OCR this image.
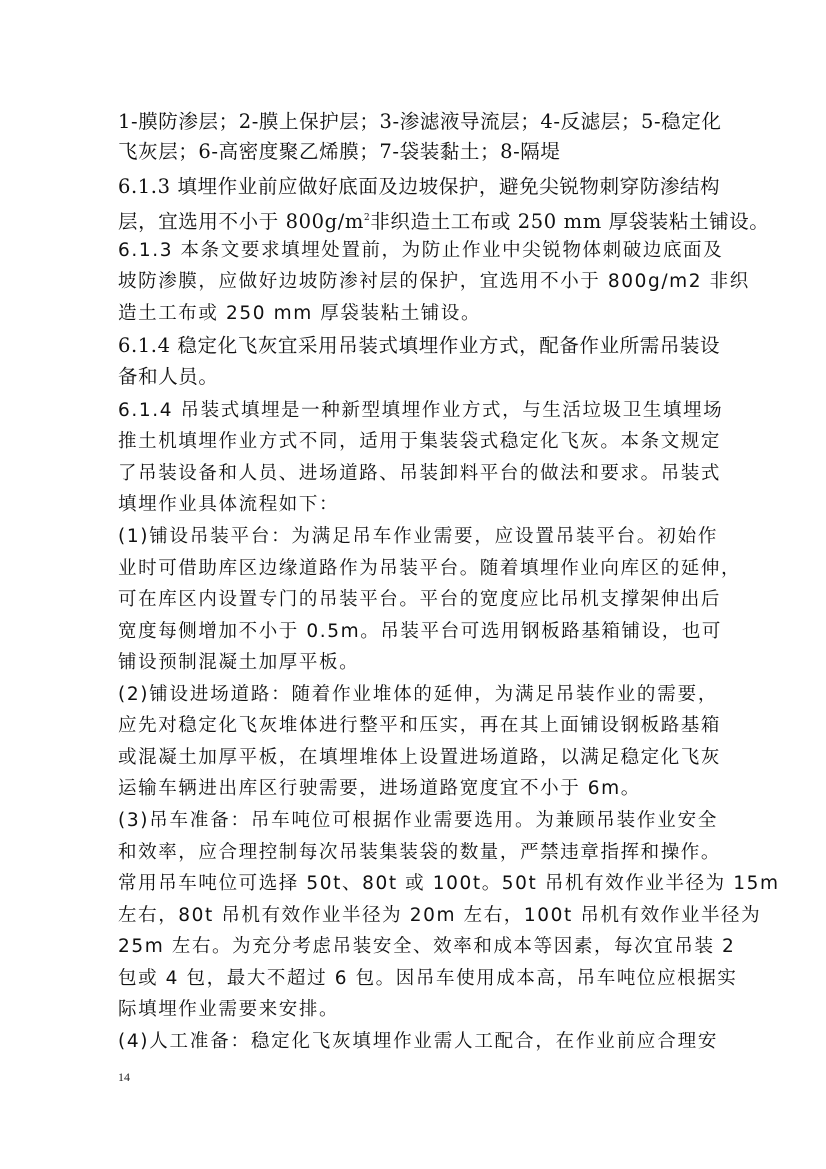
1-膜防渗层；2-膜上保护层；3-渗滤液导流层；4-反滤层；5-稳定化
飞灰层；6-高密度聚乙烯膜；7-袋装黏土；8-隔堤
6.1.3 填埋作业前应做好底面及边坡保护，避免尖锐物刺穿防渗结构
层，宜选用不小于 $800g/m^2$非织造土工布或 250 mm 厚袋装粘土铺设。
6.1.3 本条文要求填埋处置前，为防止作业中尖锐物体刺破边底面及
坡防渗膜，应做好边坡防渗衬层的保护，宜选用不小于 800g/m2 非织
造土工布或 250 mm 厚袋装粘土铺设。
6.1.4 稳定化飞灰宜采用吊装式填埋作业方式，配备作业所需吊装设
备和人员。
6.1.4 吊装式填埋是一种新型填埋作业方式，与生活垃圾卫生填埋场
推土机填埋作业方式不同，适用于集装袋式稳定化飞灰。本条文规定
了吊装设备和人员、进场道路、吊装卸料平台的做法和要求。吊装式
填埋作业具体流程如下：
(1)铺设吊装平台：为满足吊车作业需要，应设置吊装平台。初始作
业时可借助库区边缘道路作为吊装平台。随着填埋作业向库区的延伸，
可在库区内设置专门的吊装平台。平台的宽度应比吊机支撑架伸出后
宽度每侧增加不小于 0.5m。吊装平台可选用钢板路基箱铺设，也可
铺设预制混凝土加厚平板。
(2)铺设进场道路：随着作业堆体的延伸，为满足吊装作业的需要，
应先对稳定化飞灰堆体进行整平和压实，再在其上面铺设钢板路基箱
或混凝土加厚平板，在填埋堆体上设置进场道路，以满足稳定化飞灰
运输车辆进出库区行驶需要，进场道路宽度宜不小于 6m。
(3)吊车准备：吊车吨位可根据作业需要选用。为兼顾吊装作业安全
和效率，应合理控制每次吊装集装袋的数量，严禁违章指挥和操作。
常用吊车吨位可选择 50t、80t 或 100t。50t 吊机有效作业半径为 15m
左右，80t 吊机有效作业半径为 20m 左右，100t 吊机有效作业半径为
25m 左右。为充分考虑吊装安全、效率和成本等因素，每次宜吊装 2
包或 4 包，最大不超过 6 包。因吊车使用成本高，吊车吨位应根据实
际填埋作业需要来安排。
(4)人工准备：稳定化飞灰填埋作业需人工配合，在作业前应合理安
14
